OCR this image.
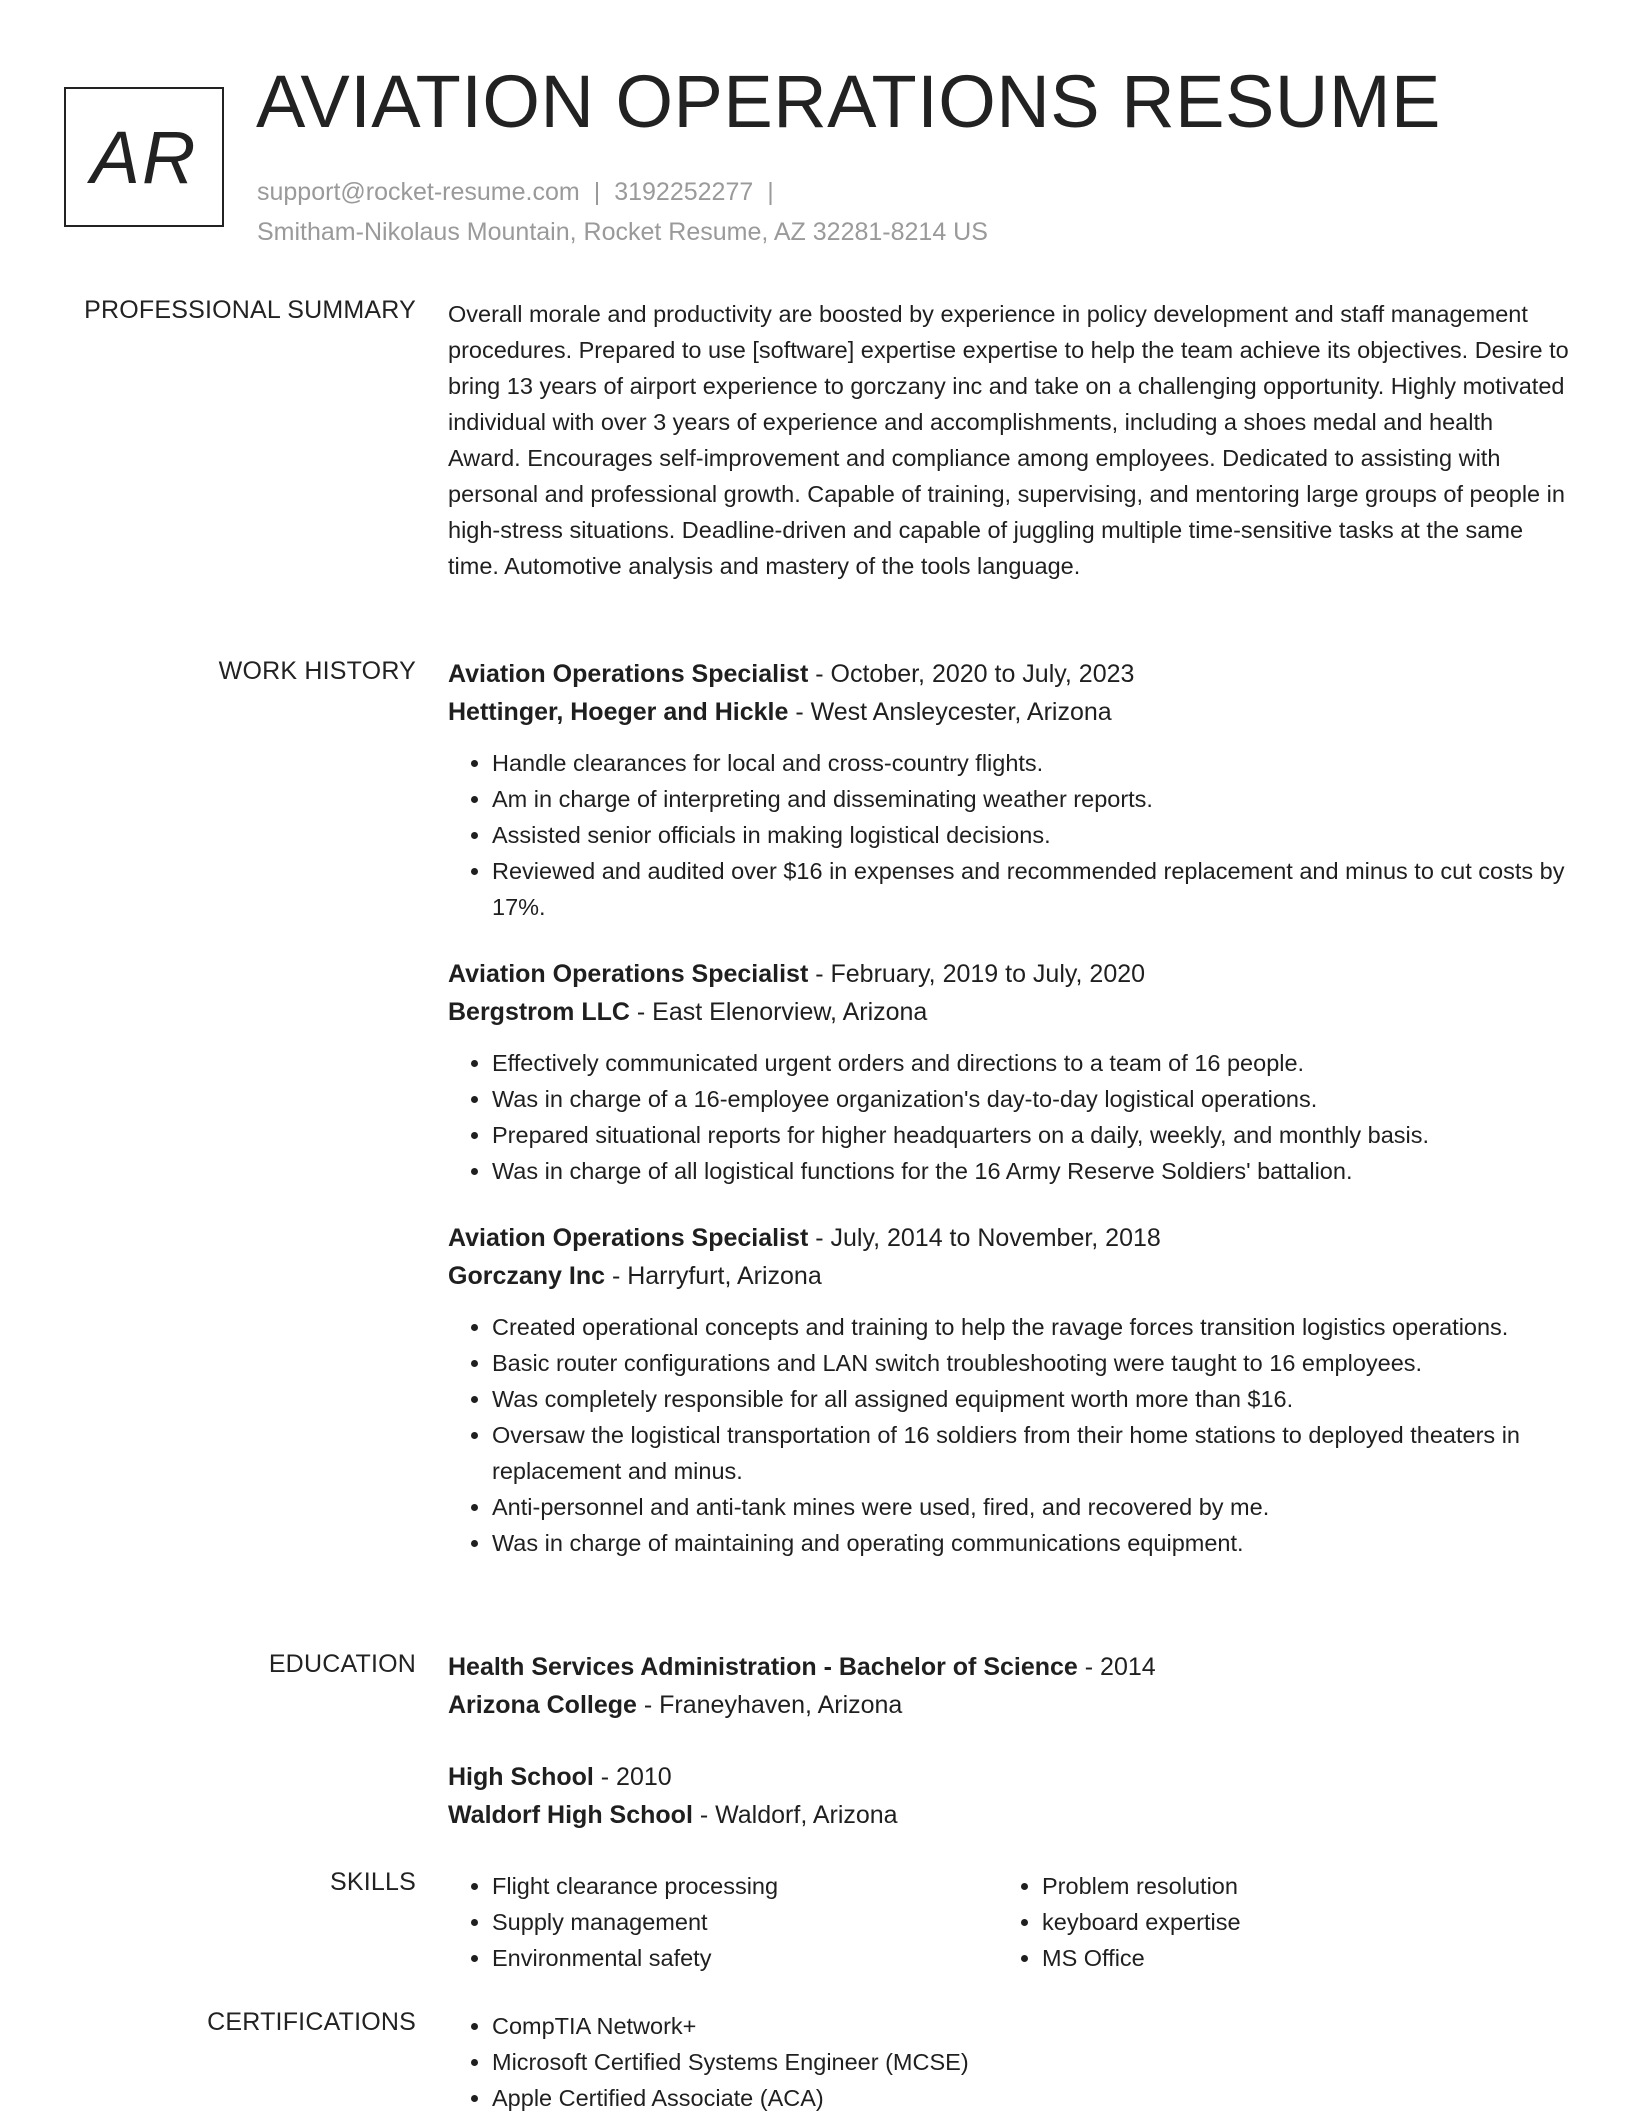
AR
AVIATION OPERATIONS RESUME
support@rocket-resume.com | 3192252277 |
Smitham-Nikolaus Mountain, Rocket Resume, AZ 32281-8214 US
PROFESSIONAL SUMMARY Overall morale and productivity are boosted by experience in policy development and staff management procedures. Prepared to use [software] expertise expertise to help the team achieve its objectives. Desire to bring 13 years of airport experience to gorczany inc and take on a challenging opportunity. Highly motivated individual with over 3 years of experience and accomplishments, including a shoes medal and health Award. Encourages self-improvement and compliance among employees. Dedicated to assisting with personal and professional growth. Capable of training, supervising, and mentoring large groups of people in high-stress situations. Deadline-driven and capable of juggling multiple time-sensitive tasks at the same time. Automotive analysis and mastery of the tools language.

WORK HISTORY Aviation Operations Specialist - October, 2020 to July, 2023
Hettinger, Hoeger and Hickle - West Ansleycester, Arizona
• Handle clearances for local and cross-country flights.
• Am in charge of interpreting and disseminating weather reports.
• Assisted senior officials in making logistical decisions.
• Reviewed and audited over $16 in expenses and recommended replacement and minus to cut costs by 17%.
Aviation Operations Specialist - February, 2019 to July, 2020
Bergstrom LLC - East Elenorview, Arizona
• Effectively communicated urgent orders and directions to a team of 16 people.
• Was in charge of a 16-employee organization's day-to-day logistical operations.
• Prepared situational reports for higher headquarters on a daily, weekly, and monthly basis.
• Was in charge of all logistical functions for the 16 Army Reserve Soldiers' battalion.
Aviation Operations Specialist - July, 2014 to November, 2018
Gorczany Inc - Harryfurt, Arizona
• Created operational concepts and training to help the ravage forces transition logistics operations.
• Basic router configurations and LAN switch troubleshooting were taught to 16 employees.
• Was completely responsible for all assigned equipment worth more than $16.
• Oversaw the logistical transportation of 16 soldiers from their home stations to deployed theaters in replacement and minus.
• Anti-personnel and anti-tank mines were used, fired, and recovered by me.
• Was in charge of maintaining and operating communications equipment.
EDUCATION Health Services Administration - Bachelor of Science - 2014
Arizona College - Franeyhaven, Arizona
High School - 2010
Waldorf High School - Waldorf, Arizona
SKILLS	• Flight clearance processing
• Supply management
• Environmental safety
• Problem resolution
• keyboard expertise
• MS Office
CERTIFICATIONS	• CompTIA Network+
• Microsoft Certified Systems Engineer (MCSE)
• Apple Certified Associate (ACA)
